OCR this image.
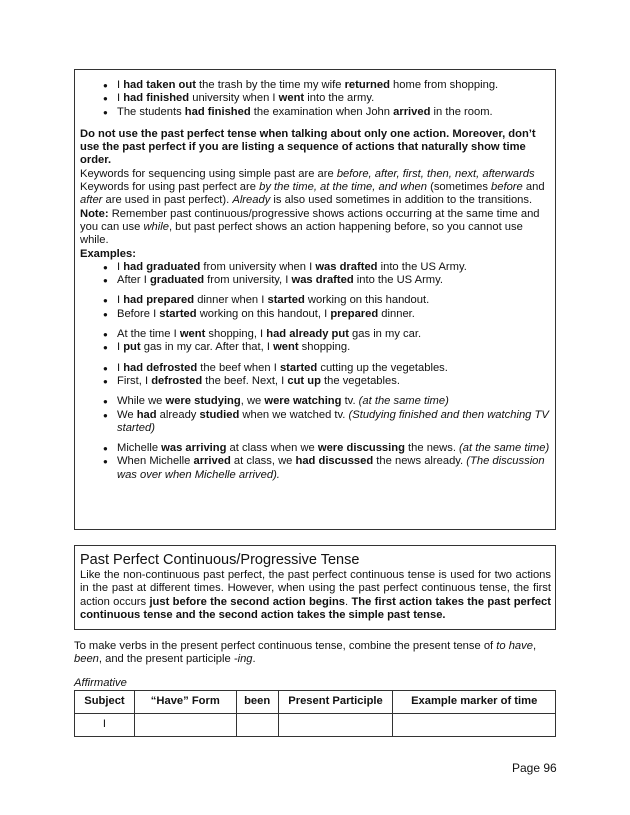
● I had taken out the trash by the time my wife returned home from shopping.
● I had finished university when I went into the army.
● The students had finished the examination when John arrived in the room.

Do not use the past perfect tense when talking about only one action. Moreover, don’t use the past perfect if you are listing a sequence of actions that naturally show time order.

Keywords for sequencing using simple past are are before, after, first, then, next, afterwards

Keywords for using past perfect are by the time, at the time, and when (sometimes before and after are used in past perfect). Already is also used sometimes in addition to the transitions.

Note: Remember past continuous/progressive shows actions occurring at the same time and you can use while, but past perfect shows an action happening before, so you cannot use while.

Examples:

● I had graduated from university when I was drafted into the US Army.
● After I graduated from university, I was drafted into the US Army.
● I had prepared dinner when I started working on this handout.
● Before I started working on this handout, I prepared dinner.
● At the time I went shopping, I had already put gas in my car.
● I put gas in my car. After that, I went shopping.
● I had defrosted the beef when I started cutting up the vegetables.
● First, I defrosted the beef. Next, I cut up the vegetables.
● While we were studying, we were watching tv. (at the same time)
● We had already studied when we watched tv. (Studying finished and then watching TV started)
● Michelle was arriving at class when we were discussing the news. (at the same time)
● When Michelle arrived at class, we had discussed the news already. (The discussion was over when Michelle arrived).
Past Perfect Continuous/Progressive Tense

Like the non-continuous past perfect, the past perfect continuous tense is used for two actions in the past at different times. However, when using the past perfect continuous tense, the first action occurs just before the second action begins. The first action takes the past perfect continuous tense and the second action takes the simple past tense.

To make verbs in the present perfect continuous tense, combine the present tense of to have, been, and the present participle -ing.

Affirmative
Subject	“Have” Form	been	Present Participle	Example marker of time
I				
Page 96
